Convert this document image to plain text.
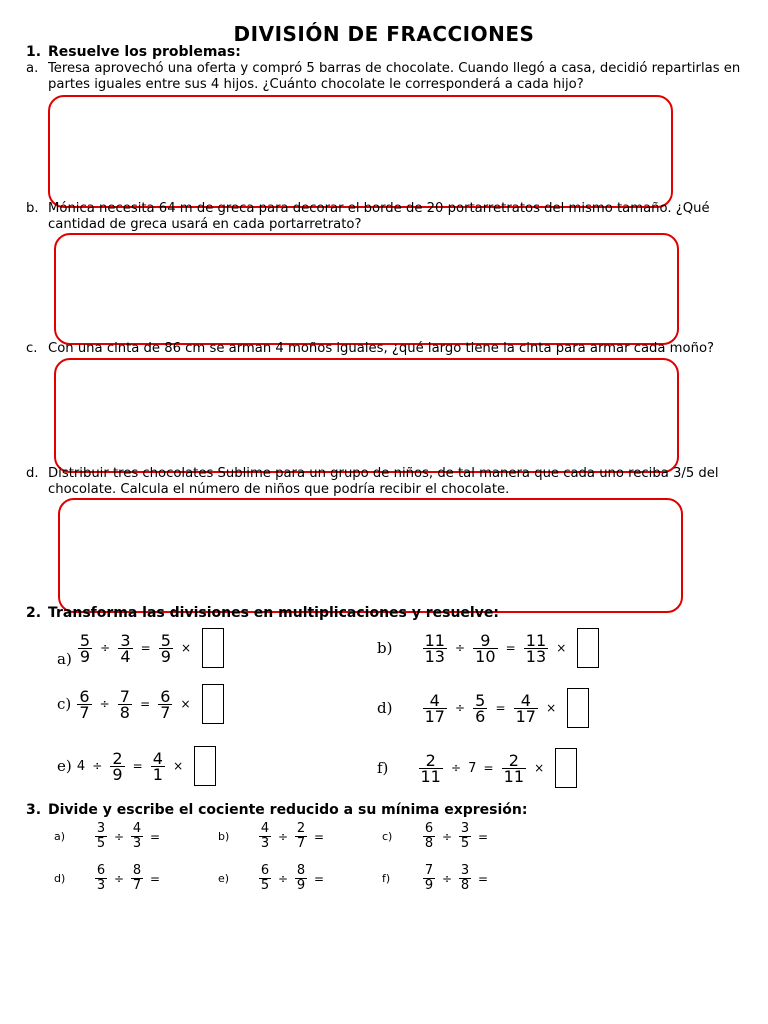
DIVISIÓN DE FRACCIONES
1. Resuelve los problemas:
a. Teresa aprovechó una oferta y compró 5 barras de chocolate. Cuando llegó a casa, decidió repartirlas en partes iguales entre sus 4 hijos. ¿Cuánto chocolate le corresponderá a cada hijo?
b. Mónica necesita 64 m de greca para decorar el borde de 20 portarretratos del mismo tamaño. ¿Qué cantidad de greca usará en cada portarretrato?
c. Con una cinta de 86 cm se arman 4 moños iguales, ¿qué largo tiene la cinta para armar cada moño?
d. Distribuir tres chocolates Sublime para un grupo de niños, de tal manera que cada uno reciba 3/5 del chocolate. Calcula el número de niños que podría recibir el chocolate.
2. Transforma las divisiones en multiplicaciones y resuelve:
$a) \frac{5}{9} \div \frac{3}{4} = \frac{5}{9}$ ×	$b) \frac{11}{13} \div \frac{9}{10} = \frac{11}{13}$ ×
$c) \frac{6}{7} \div \frac{7}{8} = \frac{6}{7}$ ×	$d) \frac{4}{17} \div \frac{5}{6} = \frac{4}{17}$ ×
e) $4 \div \frac{2}{9} = \frac{4}{1}$ ×	$f) \frac{2}{11} \div 7 = \frac{2}{11}$ ×
3. Divide y escribe el cociente reducido a su mínima expresión:
$a) \frac{3}{5} \div \frac{4}{3}$ =	$b) \frac{4}{3} \div \frac{2}{7}$ =	$c) \frac{6}{8} \div \frac{3}{5}$ =
$d) \frac{6}{3} \div \frac{8}{7}$ =	$e) \frac{6}{5} \div \frac{8}{9}$ =	f)	$\frac{7}{9} \div \frac{3}{8}$ =
